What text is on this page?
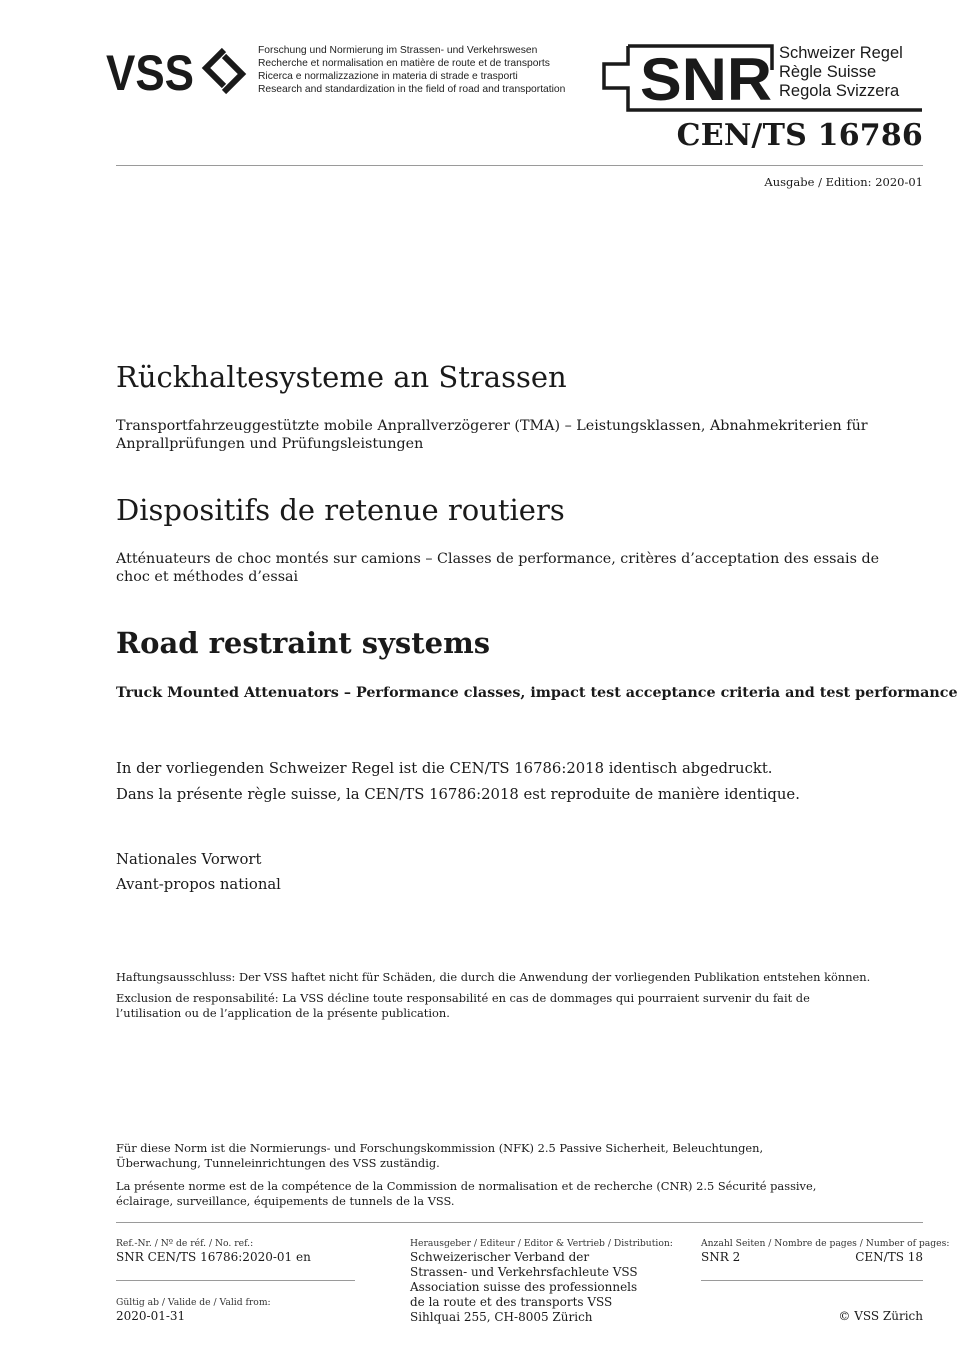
VSS	Forschung und Normierung im Strassen- und Verkehrswesen
Recherche et normalisation en matière de route et de transports
Ricerca e normalizzazione in materia di strade e trasporti
Research and standardization in the field of road and transportation SNR Schweizer Regel
Règle Suisse
Regola Svizzera
CEN/TS 16786
Ausgabe / Edition: 2020-01
Rückhaltesysteme an Strassen
Transportfahrzeuggestützte mobile Anprallverzögerer (TMA) – Leistungsklassen, Abnahmekriterien für Anprallprüfungen und Prüfungsleistungen
Dispositifs de retenue routiers
Atténuateurs de choc montés sur camions – Classes de performance, critères d’acceptation des essais de choc et méthodes d’essai
Road restraint systems
Truck Mounted Attenuators – Performance classes, impact test acceptance criteria and test performance
In der vorliegenden Schweizer Regel ist die CEN/TS 16786:2018 identisch abgedruckt.
Dans la présente règle suisse, la CEN/TS 16786:2018 est reproduite de manière identique.
Nationales Vorwort
Avant-propos national
Haftungsausschluss: Der VSS haftet nicht für Schäden, die durch die Anwendung der vorliegenden Publikation entstehen können.
Exclusion de responsabilité: La VSS décline toute responsabilité en cas de dommages qui pourraient survenir du fait de l’utilisation ou de l’application de la présente publication.
Für diese Norm ist die Normierungs- und Forschungskommission (NFK) 2.5 Passive Sicherheit, Beleuchtungen, Überwachung, Tunneleinrichtungen des VSS zuständig.
La présente norme est de la compétence de la Commission de normalisation et de recherche (CNR) 2.5 Sécurité passive, éclairage, surveillance, équipements de tunnels de la VSS.
Ref.-Nr. / Nº de réf. / No. ref.:
SNR CEN/TS 16786:2020-01 en
Gültig ab / Valide de / Valid from:
2020-01-31
Herausgeber / Editeur / Editor & Vertrieb / Distribution:
Schweizerischer Verband der
Strassen- und Verkehrsfachleute VSS
Association suisse des professionnels
de la route et des transports VSS
Sihlquai 255, CH-8005 Zürich
Anzahl Seiten / Nombre de pages / Number of pages:
SNR 2	CEN/TS 18
© VSS Zürich
